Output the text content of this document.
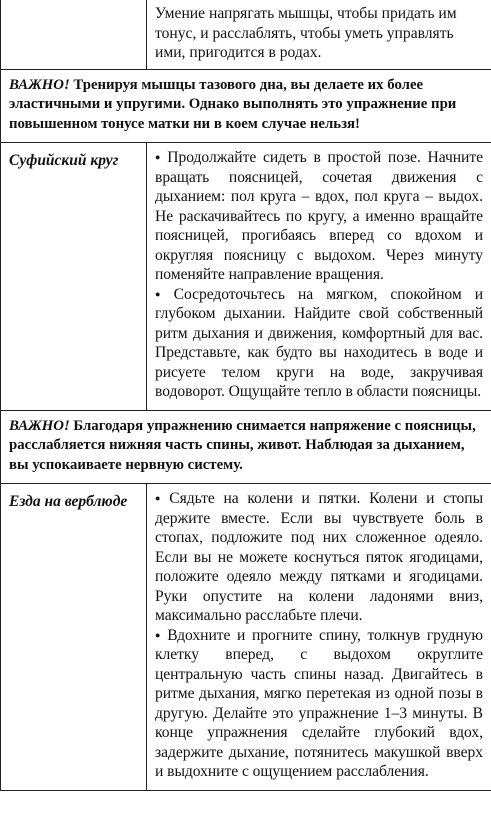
	Умение напрягать мышцы, чтобы придать им тонус, и расслаблять, чтобы уметь управлять ими, пригодится в родах.

ВАЖНО! Тренируя мышцы тазового дна, вы делаете их более эластичными и упругими. Однако выполнять это упражнение при повышенном тонусе матки ни в коем случае нельзя!	

Суфийский круг	● Продолжайте сидеть в простой позе. Начните вращать поясницей, сочетая движения с дыханием: пол круга – вдох, пол круга – выдох. Не раскачивайтесь по кругу, а именно вращайте поясницей, прогибаясь вперед со вдохом и округляя поясницу с выдохом. Через минуту поменяйте направление вращения.

● Сосредоточьтесь на мягком, спокойном и глубоком дыхании. Найдите свой собственный ритм дыхания и движения, комфортный для вас. Представьте, как будто вы находитесь в воде и рисуете телом круги на воде, закручивая водоворот. Ощущайте тепло в области поясницы.

ВАЖНО! Благодаря упражнению снимается напряжение с поясницы, расслабляется нижняя часть спины, живот. Наблюдая за дыханием, вы успокаиваете нервную систему.	

Езда на верблюде	● Сядьте на колени и пятки. Колени и стопы держите вместе. Если вы чувствуете боль в стопах, подложите под них сложенное одеяло. Если вы не можете коснуться пяток ягодицами, положите одеяло между пятками и ягодицами. Руки опустите на колени ладонями вниз, максимально расслабьте плечи.

● Вдохните и прогните спину, толкнув грудную клетку вперед, с выдохом округлите центральную часть спины назад. Двигайтесь в ритме дыхания, мягко перетекая из одной позы в другую. Делайте это упражнение 1–3 минуты. В конце упражнения сделайте глубокий вдох, задержите дыхание, потянитесь макушкой вверх и выдохните с ощущением расслабления.
